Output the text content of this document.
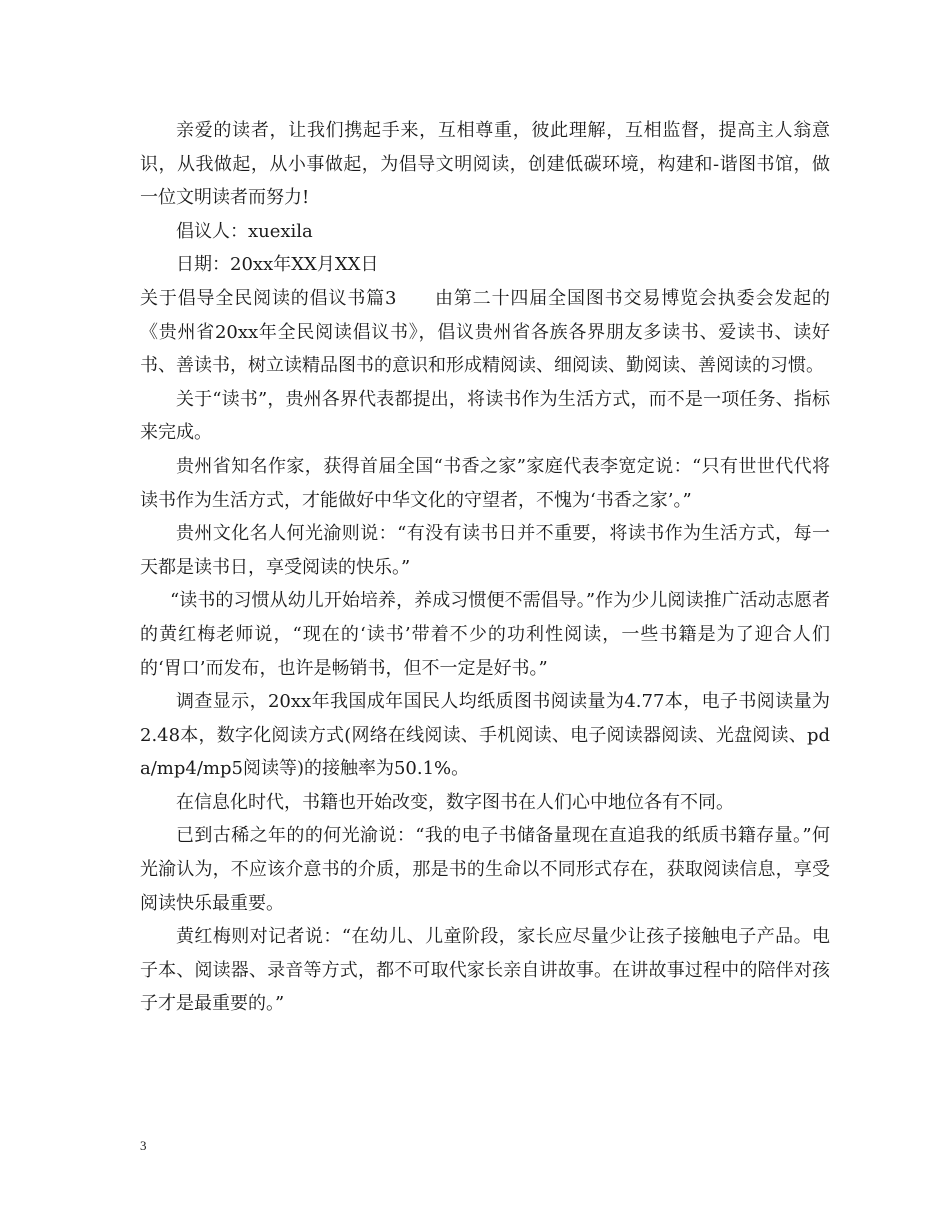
亲爱的读者，让我们携起手来，互相尊重，彼此理解，互相监督，提高主人翁意识，从我做起，从小事做起，为倡导文明阅读，创建低碳环境，构建和-谐图书馆，做一位文明读者而努力!

倡议人：xuexila

日期：20xx年XX月XX日

关于倡导全民阅读的倡议书篇3　　由第二十四届全国图书交易博览会执委会发起的《贵州省20xx年全民阅读倡议书》，倡议贵州省各族各界朋友多读书、爱读书、读好书、善读书，树立读精品图书的意识和形成精阅读、细阅读、勤阅读、善阅读的习惯。

关于“读书”，贵州各界代表都提出，将读书作为生活方式，而不是一项任务、指标来完成。

贵州省知名作家，获得首届全国“书香之家”家庭代表李宽定说：“只有世世代代将读书作为生活方式，才能做好中华文化的守望者，不愧为‘书香之家’。”

贵州文化名人何光渝则说：“有没有读书日并不重要，将读书作为生活方式，每一天都是读书日，享受阅读的快乐。”

“读书的习惯从幼儿开始培养，养成习惯便不需倡导。”作为少儿阅读推广活动志愿者的黄红梅老师说，“现在的‘读书’带着不少的功利性阅读，一些书籍是为了迎合人们的‘胃口’而发布，也许是畅销书，但不一定是好书。”

调查显示，20xx年我国成年国民人均纸质图书阅读量为4.77本，电子书阅读量为2.48本，数字化阅读方式(网络在线阅读、手机阅读、电子阅读器阅读、光盘阅读、pda/mp4/mp5阅读等)的接触率为50.1%。

在信息化时代，书籍也开始改变，数字图书在人们心中地位各有不同。

已到古稀之年的的何光渝说：“我的电子书储备量现在直追我的纸质书籍存量。”何光渝认为，不应该介意书的介质，那是书的生命以不同形式存在，获取阅读信息，享受阅读快乐最重要。

黄红梅则对记者说：“在幼儿、儿童阶段，家长应尽量少让孩子接触电子产品。电子本、阅读器、录音等方式，都不可取代家长亲自讲故事。在讲故事过程中的陪伴对孩子才是最重要的。”

3
